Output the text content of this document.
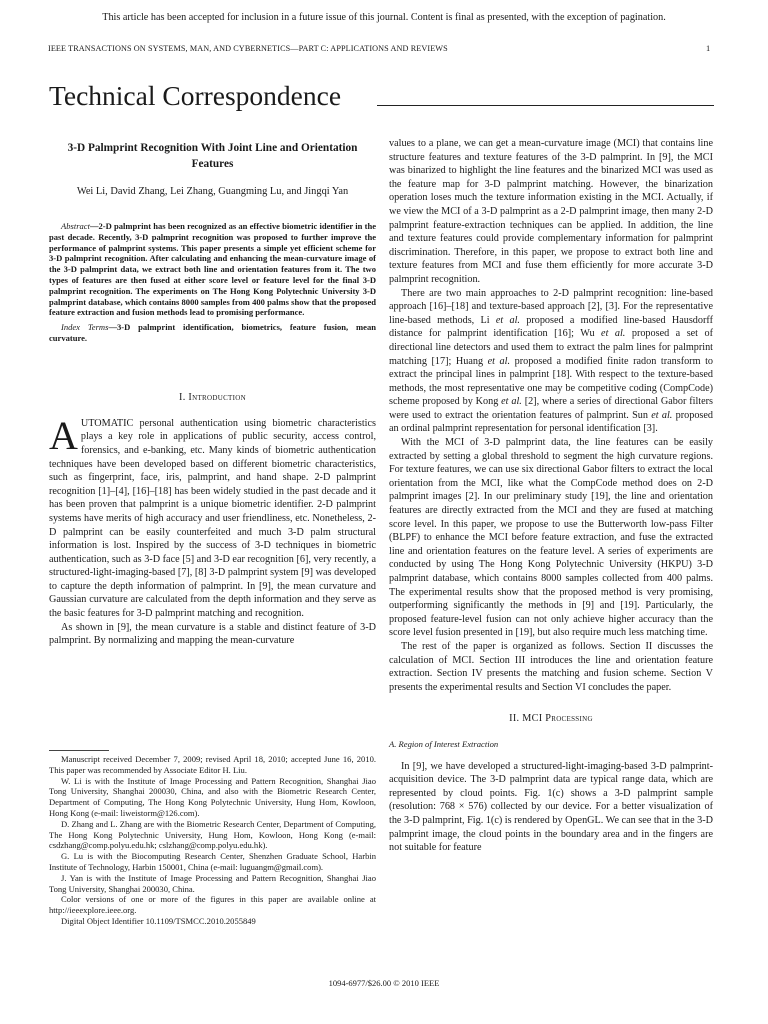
This article has been accepted for inclusion in a future issue of this journal. Content is final as presented, with the exception of pagination.
IEEE TRANSACTIONS ON SYSTEMS, MAN, AND CYBERNETICS—PART C: APPLICATIONS AND REVIEWS	1
Technical Correspondence
3-D Palmprint Recognition With Joint Line and Orientation Features
Wei Li, David Zhang, Lei Zhang, Guangming Lu, and Jingqi Yan
Abstract—2-D palmprint has been recognized as an effective biometric identifier in the past decade. Recently, 3-D palmprint recognition was proposed to further improve the performance of palmprint systems. This paper presents a simple yet efficient scheme for 3-D palmprint recognition. After calculating and enhancing the mean-curvature image of the 3-D palmprint data, we extract both line and orientation features from it. The two types of features are then fused at either score level or feature level for the final 3-D palmprint recognition. The experiments on The Hong Kong Polytechnic University 3-D palmprint database, which contains 8000 samples from 400 palms show that the proposed feature extraction and fusion methods lead to promising performance.
Index Terms—3-D palmprint identification, biometrics, feature fusion, mean curvature.
I. Introduction

AUTOMATIC personal authentication using biometric characteristics plays a key role in applications of public security, access control, forensics, and e-banking, etc. Many kinds of biometric authentication techniques have been developed based on different biometric characteristics, such as fingerprint, face, iris, palmprint, and hand shape. 2-D palmprint recognition [1]–[4], [16]–[18] has been widely studied in the past decade and it has been proven that palmprint is a unique biometric identifier. 2-D palmprint systems have merits of high accuracy and user friendliness, etc. Nonetheless, 2-D palmprint can be easily counterfeited and much 3-D palm structural information is lost. Inspired by the success of 3-D techniques in biometric authentication, such as 3-D face [5] and 3-D ear recognition [6], very recently, a structured-light-imaging-based [7], [8] 3-D palmprint system [9] was developed to capture the depth information of palmprint. In [9], the mean curvature and Gaussian curvature are calculated from the depth information and they serve as the basic features for 3-D palmprint matching and recognition.

As shown in [9], the mean curvature is a stable and distinct feature of 3-D palmprint. By normalizing and mapping the mean-curvature

Manuscript received December 7, 2009; revised April 18, 2010; accepted June 16, 2010. This paper was recommended by Associate Editor H. Liu.

W. Li is with the Institute of Image Processing and Pattern Recognition, Shanghai Jiao Tong University, Shanghai 200030, China, and also with the Biometric Research Center, Department of Computing, The Hong Kong Polytechnic University, Hung Hom, Kowloon, Hong Kong (e-mail: liweistorm@126.com).

D. Zhang and L. Zhang are with the Biometric Research Center, Department of Computing, The Hong Kong Polytechnic University, Hung Hom, Kowloon, Hong Kong (e-mail: csdzhang@comp.polyu.edu.hk; cslzhang@comp.polyu.edu.hk).

G. Lu is with the Biocomputing Research Center, Shenzhen Graduate School, Harbin Institute of Technology, Harbin 150001, China (e-mail: luguangm@gmail.com).

J. Yan is with the Institute of Image Processing and Pattern Recognition, Shanghai Jiao Tong University, Shanghai 200030, China.

Color versions of one or more of the figures in this paper are available online at http://ieeexplore.ieee.org.

Digital Object Identifier 10.1109/TSMCC.2010.2055849

values to a plane, we can get a mean-curvature image (MCI) that contains line structure features and texture features of the 3-D palmprint. In [9], the MCI was binarized to highlight the line features and the binarized MCI was used as the feature map for 3-D palmprint matching. However, the binarization operation loses much the texture information existing in the MCI. Actually, if we view the MCI of a 3-D palmprint as a 2-D palmprint image, then many 2-D palmprint feature-extraction techniques can be applied. In addition, the line and texture features could provide complementary information for palmprint discrimination. Therefore, in this paper, we propose to extract both line and texture features from MCI and fuse them efficiently for more accurate 3-D palmprint recognition.

There are two main approaches to 2-D palmprint recognition: line-based approach [16]–[18] and texture-based approach [2], [3]. For the representative line-based methods, Li et al. proposed a modified line-based Hausdorff distance for palmprint identification [16]; Wu et al. proposed a set of directional line detectors and used them to extract the palm lines for palmprint matching [17]; Huang et al. proposed a modified finite radon transform to extract the principal lines in palmprint [18]. With respect to the texture-based methods, the most representative one may be competitive coding (CompCode) scheme proposed by Kong et al. [2], where a series of directional Gabor filters were used to extract the orientation features of palmprint. Sun et al. proposed an ordinal palmprint representation for personal identification [3].

With the MCI of 3-D palmprint data, the line features can be easily extracted by setting a global threshold to segment the high curvature regions. For texture features, we can use six directional Gabor filters to extract the local orientation from the MCI, like what the CompCode method does on 2-D palmprint images [2]. In our preliminary study [19], the line and orientation features are directly extracted from the MCI and they are fused at matching score level. In this paper, we propose to use the Butterworth low-pass Filter (BLPF) to enhance the MCI before feature extraction, and fuse the extracted line and orientation features on the feature level. A series of experiments are conducted by using The Hong Kong Polytechnic University (HKPU) 3-D palmprint database, which contains 8000 samples collected from 400 palms. The experimental results show that the proposed method is very promising, outperforming significantly the methods in [9] and [19]. Particularly, the proposed feature-level fusion can not only achieve higher accuracy than the score level fusion presented in [19], but also require much less matching time.

The rest of the paper is organized as follows. Section II discusses the calculation of MCI. Section III introduces the line and orientation feature extraction. Section IV presents the matching and fusion scheme. Section V presents the experimental results and Section VI concludes the paper.

II. MCI Processing
A. Region of Interest Extraction

In [9], we have developed a structured-light-imaging-based 3-D palmprint-acquisition device. The 3-D palmprint data are typical range data, which are represented by cloud points. Fig. 1(c) shows a 3-D palmprint sample (resolution: 768 × 576) collected by our device. For a better visualization of the 3-D palmprint, Fig. 1(c) is rendered by OpenGL. We can see that in the 3-D palmprint image, the cloud points in the boundary area and in the fingers are not suitable for feature

1094-6977/$26.00 © 2010 IEEE
